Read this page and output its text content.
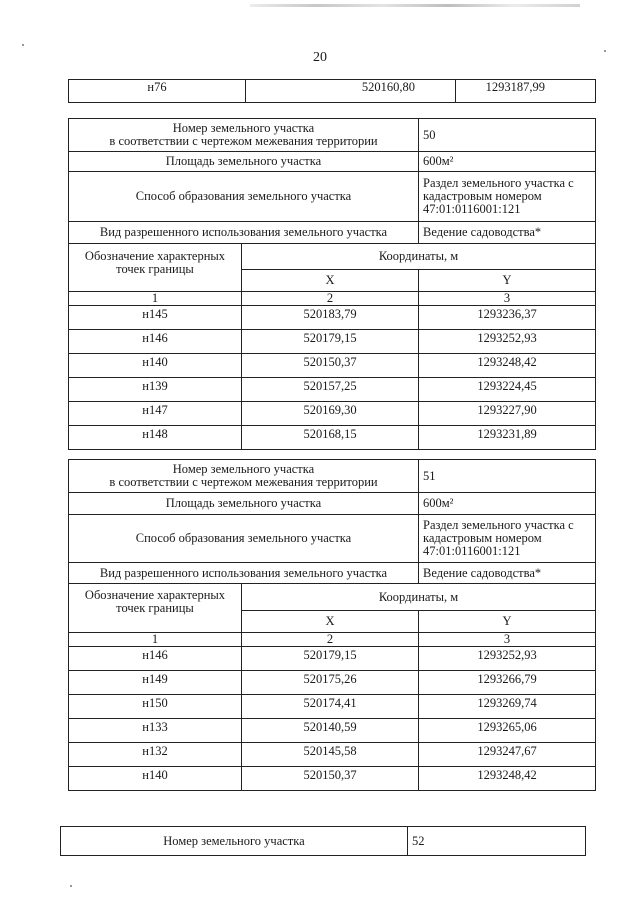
20
н76	520160,80	1293187,99
Номер земельного участка
в соответствии с чертежом межевания территории		50
Площадь земельного участка		600м²
Способ образования земельного участка		Раздел земельного участка с кадастровым номером 47:01:0116001:121
Вид разрешенного использования земельного участка		Ведение садоводства*
Обозначение характерных
точек границы	Координаты, м	
	X	Y
1	2	3
н145	520183,79	1293236,37
н146	520179,15	1293252,93
н140	520150,37	1293248,42
н139	520157,25	1293224,45
н147	520169,30	1293227,90
н148	520168,15	1293231,89
Номер земельного участка
в соответствии с чертежом межевания территории		51
Площадь земельного участка		600м²
Способ образования земельного участка		Раздел земельного участка с кадастровым номером 47:01:0116001:121
Вид разрешенного использования земельного участка		Ведение садоводства*
Обозначение характерных
точек границы	Координаты, м	
	X	Y
1	2	3
н146	520179,15	1293252,93
н149	520175,26	1293266,79
н150	520174,41	1293269,74
н133	520140,59	1293265,06
н132	520145,58	1293247,67
н140	520150,37	1293248,42
Номер земельного участка	52
